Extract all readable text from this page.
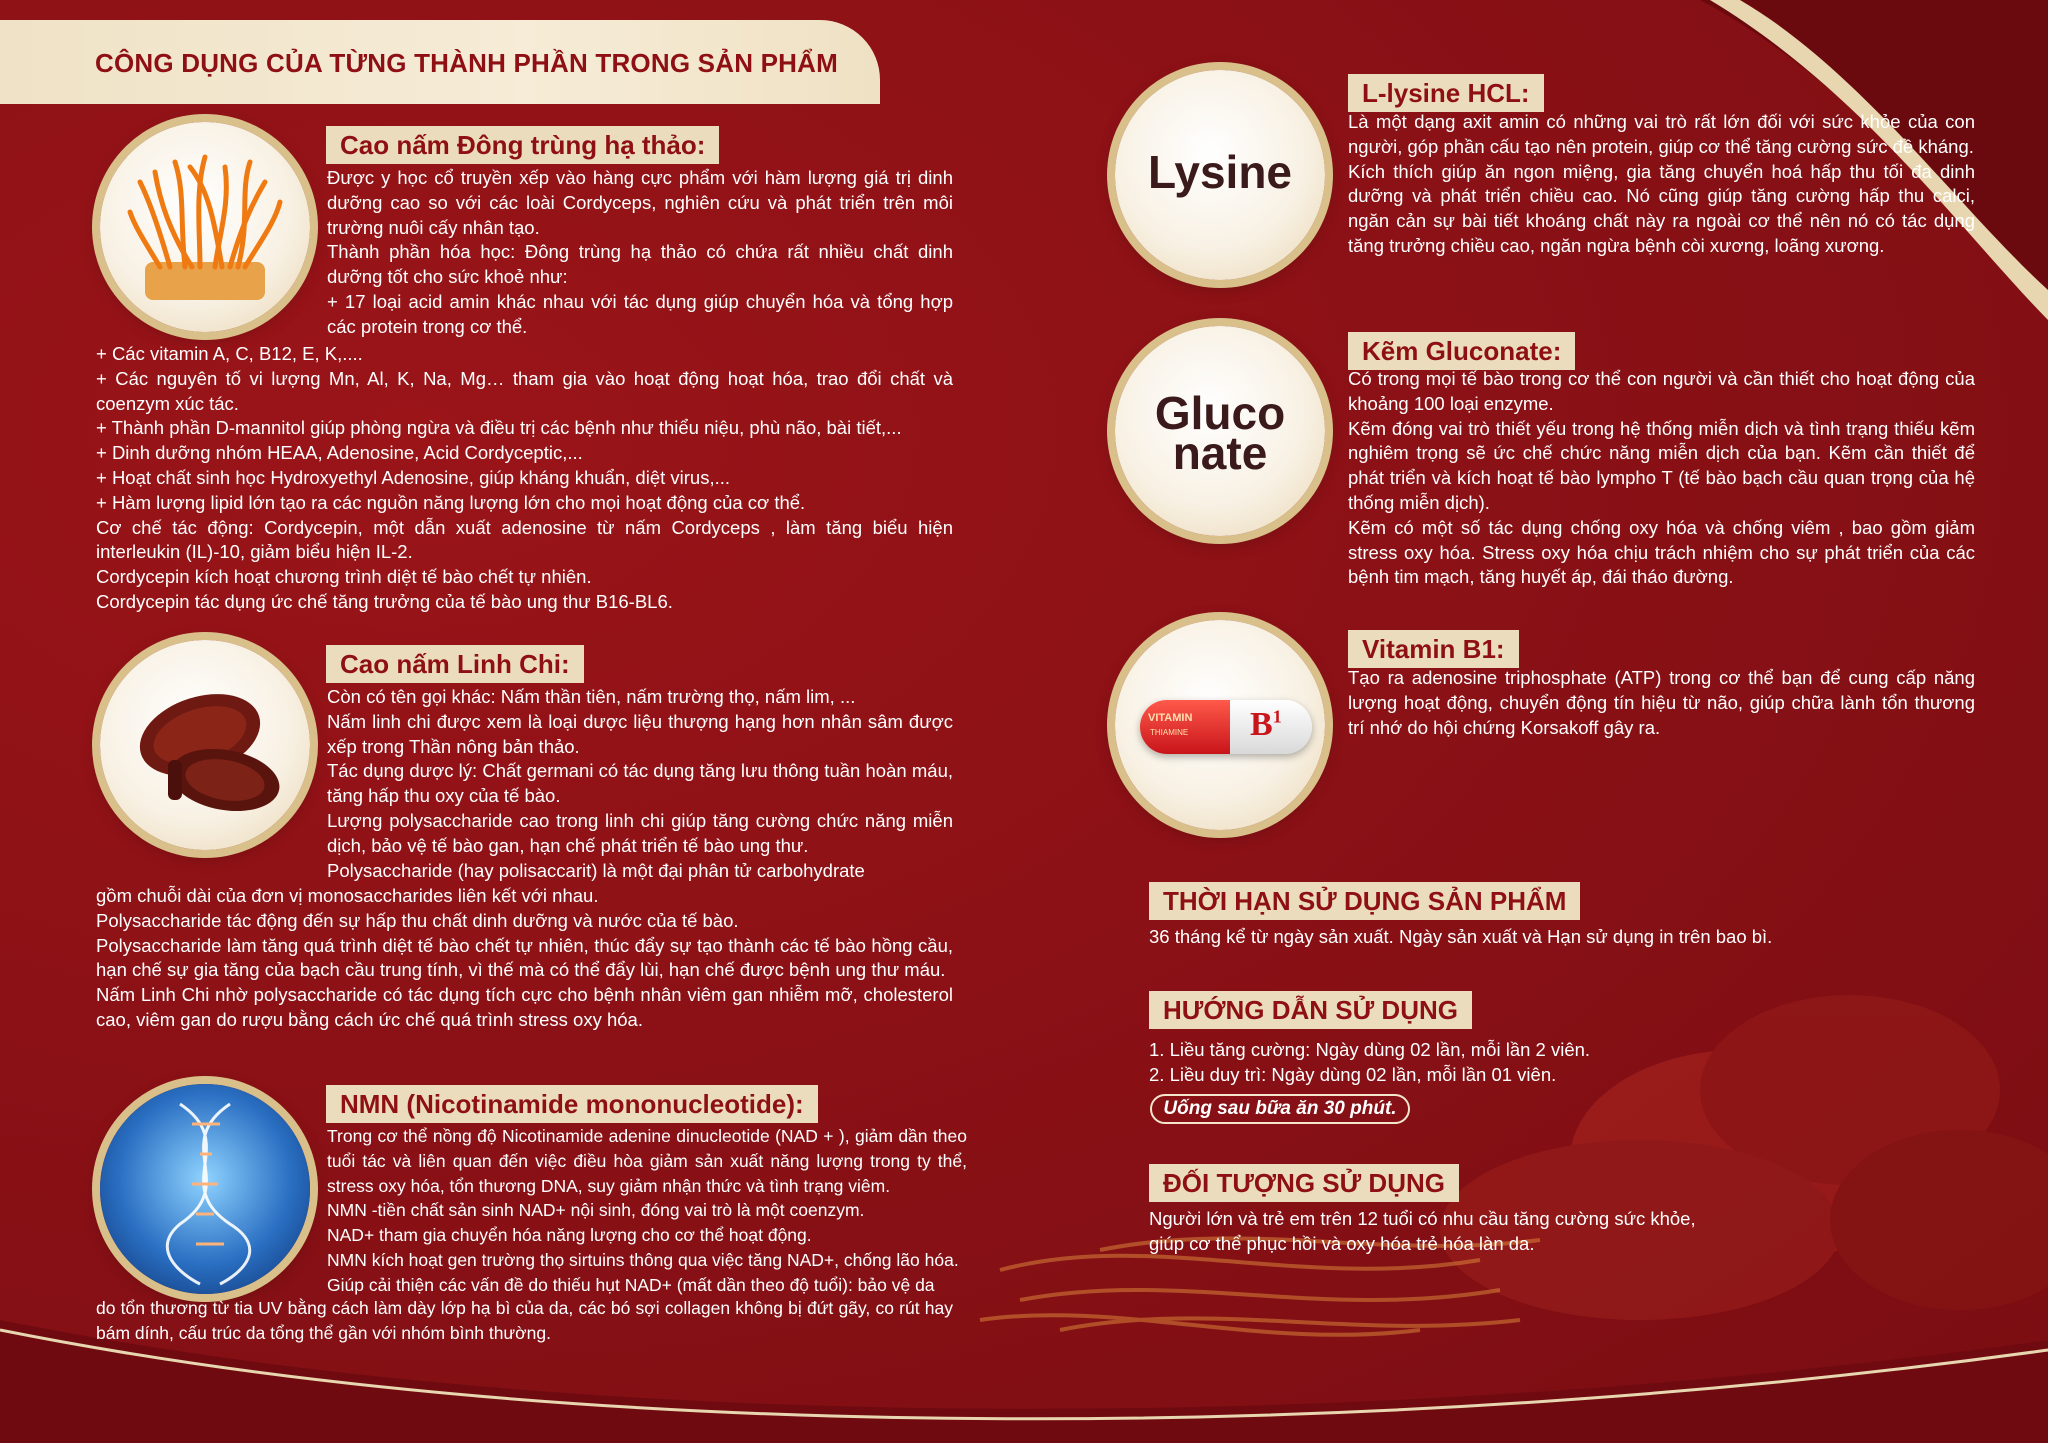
CÔNG DỤNG CỦA TỪNG THÀNH PHẦN TRONG SẢN PHẨM
Cao nấm Đông trùng hạ thảo:
Được y học cổ truyền xếp vào hàng cực phẩm với hàm lượng giá trị dinh dưỡng cao so với các loài Cordyceps, nghiên cứu và phát triển trên môi trường nuôi cấy nhân tạo.
Thành phần hóa học: Đông trùng hạ thảo có chứa rất nhiều chất dinh dưỡng tốt cho sức khoẻ như:
+ 17 loại acid amin khác nhau với tác dụng giúp chuyển hóa và tổng hợp các protein trong cơ thể.
+ Các vitamin A, C, B12, E, K,....
+ Các nguyên tố vi lượng Mn, Al, K, Na, Mg… tham gia vào hoạt động hoạt hóa, trao đổi chất và coenzym xúc tác.
+ Thành phần D-mannitol giúp phòng ngừa và điều trị các bệnh như thiểu niệu, phù não, bài tiết,...
+ Dinh dưỡng nhóm HEAA, Adenosine, Acid Cordyceptic,...
+ Hoạt chất sinh học Hydroxyethyl Adenosine, giúp kháng khuẩn, diệt virus,...
+ Hàm lượng lipid lớn tạo ra các nguồn năng lượng lớn cho mọi hoạt động của cơ thể.
Cơ chế tác động: Cordycepin, một dẫn xuất adenosine từ nấm Cordyceps , làm tăng biểu hiện interleukin (IL)-10, giảm biểu hiện IL-2.
Cordycepin kích hoạt chương trình diệt tế bào chết tự nhiên.
Cordycepin tác dụng ức chế tăng trưởng của tế bào ung thư B16-BL6.
Cao nấm Linh Chi:
Còn có tên gọi khác: Nấm thần tiên, nấm trường thọ, nấm lim, ...
Nấm linh chi được xem là loại dược liệu thượng hạng hơn nhân sâm được xếp trong Thần nông bản thảo.
Tác dụng dược lý: Chất germani có tác dụng tăng lưu thông tuần hoàn máu, tăng hấp thu oxy của tế bào.
Lượng polysaccharide cao trong linh chi giúp tăng cường chức năng miễn dịch, bảo vệ tế bào gan, hạn chế phát triển tế bào ung thư.
Polysaccharide (hay polisaccarit) là một đại phân tử carbohydrate
gồm chuỗi dài của đơn vị monosaccharides liên kết với nhau.
Polysaccharide tác động đến sự hấp thu chất dinh dưỡng và nước của tế bào.
Polysaccharide làm tăng quá trình diệt tế bào chết tự nhiên, thúc đẩy sự tạo thành các tế bào hồng cầu, hạn chế sự gia tăng của bạch cầu trung tính, vì thế mà có thể đẩy lùi, hạn chế được bệnh ung thư máu.
Nấm Linh Chi nhờ polysaccharide có tác dụng tích cực cho bệnh nhân viêm gan nhiễm mỡ, cholesterol cao, viêm gan do rượu bằng cách ức chế quá trình stress oxy hóa.
NMN (Nicotinamide mononucleotide):
Trong cơ thể nồng độ Nicotinamide adenine dinucleotide (NAD + ), giảm dần theo tuổi tác và liên quan đến việc điều hòa giảm sản xuất năng lượng trong ty thể, stress oxy hóa, tổn thương DNA, suy giảm nhận thức và tình trạng viêm.
NMN -tiền chất sản sinh NAD+ nội sinh, đóng vai trò là một coenzym.
NAD+ tham gia chuyển hóa năng lượng cho cơ thể hoạt động.
NMN kích hoạt gen trường thọ sirtuins thông qua việc tăng NAD+, chống lão hóa.
Giúp cải thiện các vấn đề do thiếu hụt NAD+ (mất dần theo độ tuổi): bảo vệ da
do tổn thương từ tia UV bằng cách làm dày lớp hạ bì của da, các bó sợi collagen không bị đứt gãy, co rút hay bám dính, cấu trúc da tổng thể gần với nhóm bình thường.
Lysine
L-lysine HCL:
Là một dạng axit amin có những vai trò rất lớn đối với sức khỏe của con người, góp phần cấu tạo nên protein, giúp cơ thể tăng cường sức đề kháng.
Kích thích giúp ăn ngon miệng, gia tăng chuyển hoá hấp thu tối đa dinh dưỡng và phát triển chiều cao. Nó cũng giúp tăng cường hấp thu calci, ngăn cản sự bài tiết khoáng chất này ra ngoài cơ thể nên nó có tác dụng tăng trưởng chiều cao, ngăn ngừa bệnh còi xương, loãng xương.
Gluco
nate
Kẽm Gluconate:
Có trong mọi tế bào trong cơ thể con người và cần thiết cho hoạt động của khoảng 100 loại enzyme.
Kẽm đóng vai trò thiết yếu trong hệ thống miễn dịch và tình trạng thiếu kẽm nghiêm trọng sẽ ức chế chức năng miễn dịch của bạn. Kẽm cần thiết để phát triển và kích hoạt tế bào lympho T (tế bào bạch cầu quan trọng của hệ thống miễn dịch).
Kẽm có một số tác dụng chống oxy hóa và chống viêm , bao gồm giảm stress oxy hóa. Stress oxy hóa chịu trách nhiệm cho sự phát triển của các bệnh tim mạch, tăng huyết áp, đái tháo đường.
VITAMIN
THIAMINE $B^1$
Vitamin B1:
Tạo ra adenosine triphosphate (ATP) trong cơ thể bạn để cung cấp năng lượng hoạt động, chuyển động tín hiệu từ não, giúp chữa lành tổn thương trí nhớ do hội chứng Korsakoff gây ra.
THỜI HẠN SỬ DỤNG SẢN PHẨM
36 tháng kể từ ngày sản xuất. Ngày sản xuất và Hạn sử dụng in trên bao bì.
HƯỚNG DẪN SỬ DỤNG
1. Liều tăng cường: Ngày dùng 02 lần, mỗi lần 2 viên.
2. Liều duy trì: Ngày dùng 02 lần, mỗi lần 01 viên.
Uống sau bữa ăn 30 phút.
ĐỐI TƯỢNG SỬ DỤNG
Người lớn và trẻ em trên 12 tuổi có nhu cầu tăng cường sức khỏe,
giúp cơ thể phục hồi và oxy hóa trẻ hóa làn da.
